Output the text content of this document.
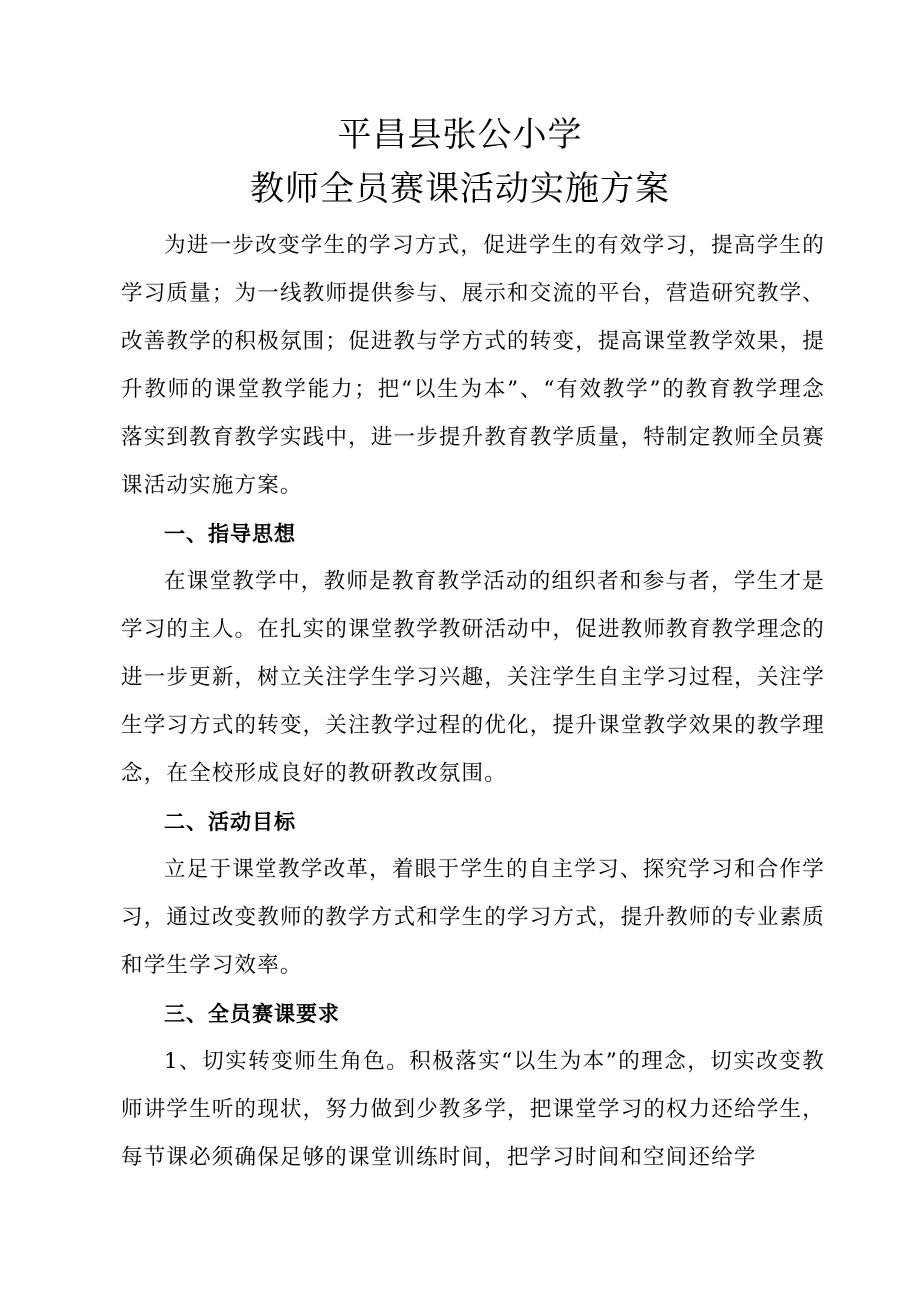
平昌县张公小学
教师全员赛课活动实施方案

为进一步改变学生的学习方式，促进学生的有效学习，提高学生的学习质量；为一线教师提供参与、展示和交流的平台，营造研究教学、改善教学的积极氛围；促进教与学方式的转变，提高课堂教学效果，提升教师的课堂教学能力；把“以生为本”、“有效教学”的教育教学理念落实到教育教学实践中，进一步提升教育教学质量，特制定教师全员赛课活动实施方案。

一、指导思想

在课堂教学中，教师是教育教学活动的组织者和参与者，学生才是学习的主人。在扎实的课堂教学教研活动中，促进教师教育教学理念的进一步更新，树立关注学生学习兴趣，关注学生自主学习过程，关注学生学习方式的转变，关注教学过程的优化，提升课堂教学效果的教学理念，在全校形成良好的教研教改氛围。

二、活动目标

立足于课堂教学改革，着眼于学生的自主学习、探究学习和合作学习，通过改变教师的教学方式和学生的学习方式，提升教师的专业素质和学生学习效率。

三、全员赛课要求

1、切实转变师生角色。积极落实“以生为本”的理念，切实改变教师讲学生听的现状，努力做到少教多学，把课堂学习的权力还给学生，每节课必须确保足够的课堂训练时间，把学习时间和空间还给学
